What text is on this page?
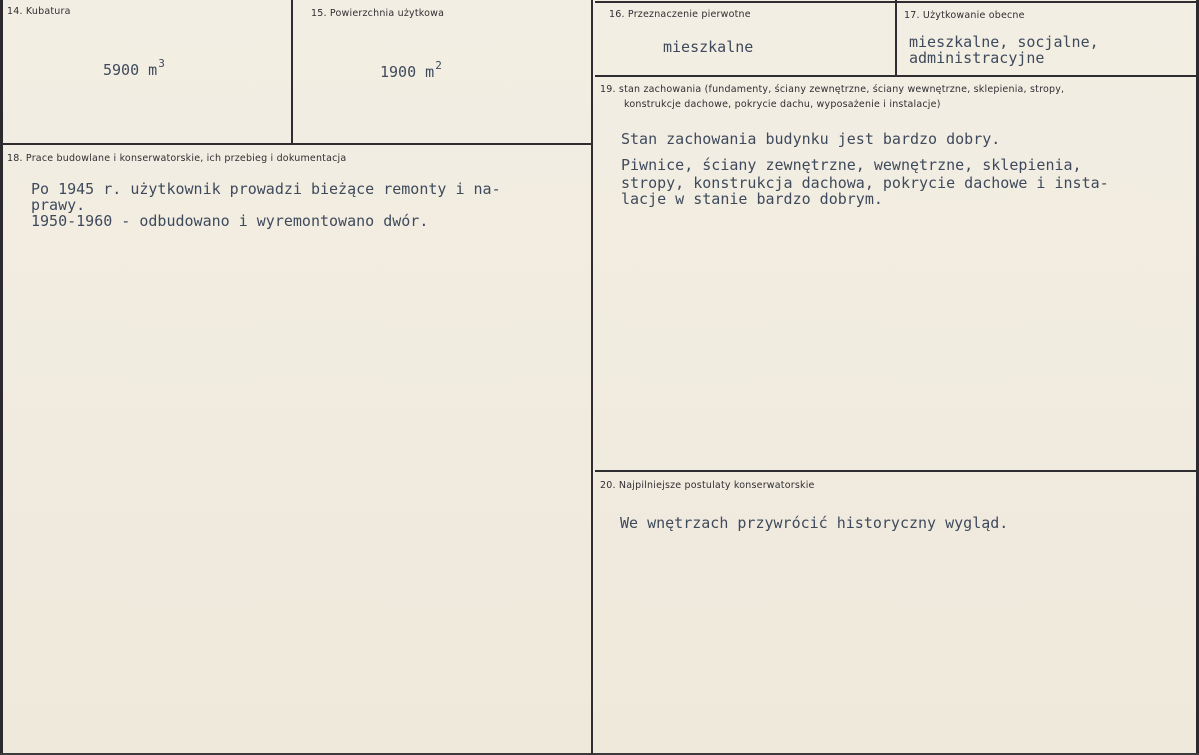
14. Kubatura
5900 $m^3$
15. Powierzchnia użytkowa
1900 $m^2$
16. Przeznaczenie pierwotne
mieszkalne
17. Użytkowanie obecne
mieszkalne, socjalne,
administracyjne
18. Prace budowlane i konserwatorskie, ich przebieg i dokumentacja
Po 1945 r. użytkownik prowadzi bieżące remonty i na-
prawy.
1950-1960 - odbudowano i wyremontowano dwór.
19. stan zachowania (fundamenty, ściany zewnętrzne, ściany wewnętrzne, sklepienia, stropy,
konstrukcje dachowe, pokrycie dachu, wyposażenie i instalacje)
Stan zachowania budynku jest bardzo dobry.
Piwnice, ściany zewnętrzne, wewnętrzne, sklepienia,
stropy, konstrukcja dachowa, pokrycie dachowe i insta-
lacje w stanie bardzo dobrym.
20. Najpilniejsze postulaty konserwatorskie
We wnętrzach przywrócić historyczny wygląd.
